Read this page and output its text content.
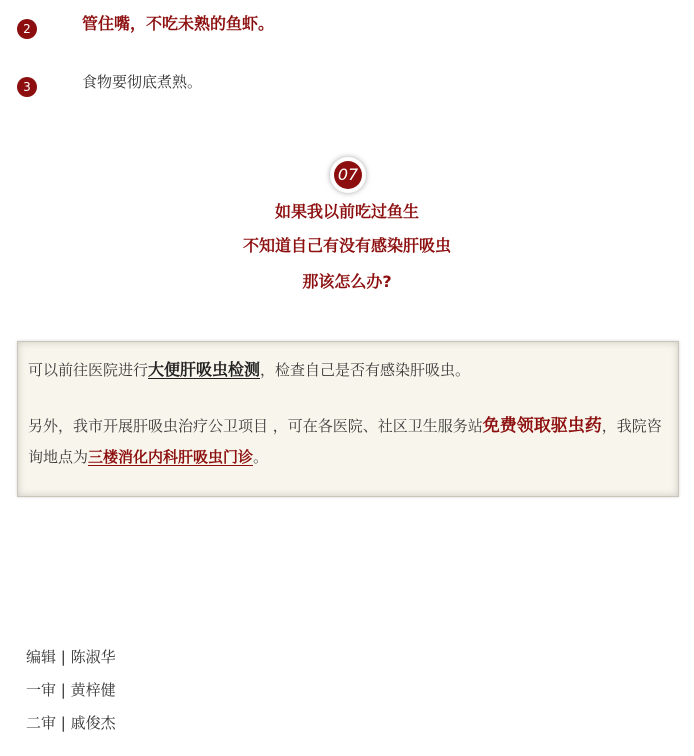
2	管住嘴，不吃未熟的鱼虾。
3	食物要彻底煮熟。
07
如果我以前吃过鱼生
不知道自己有没有感染肝吸虫
那该怎么办?

可以前往医院进行大便肝吸虫检测，检查自己是否有感染肝吸虫。

另外，我市开展肝吸虫治疗公卫项目 ，可在各医院、社区卫生服务站免费领取驱虫药，我院咨询地点为三楼消化内科肝吸虫门诊。

编辑 | 陈淑华
一审 | 黄梓健
二审 | 戚俊杰
